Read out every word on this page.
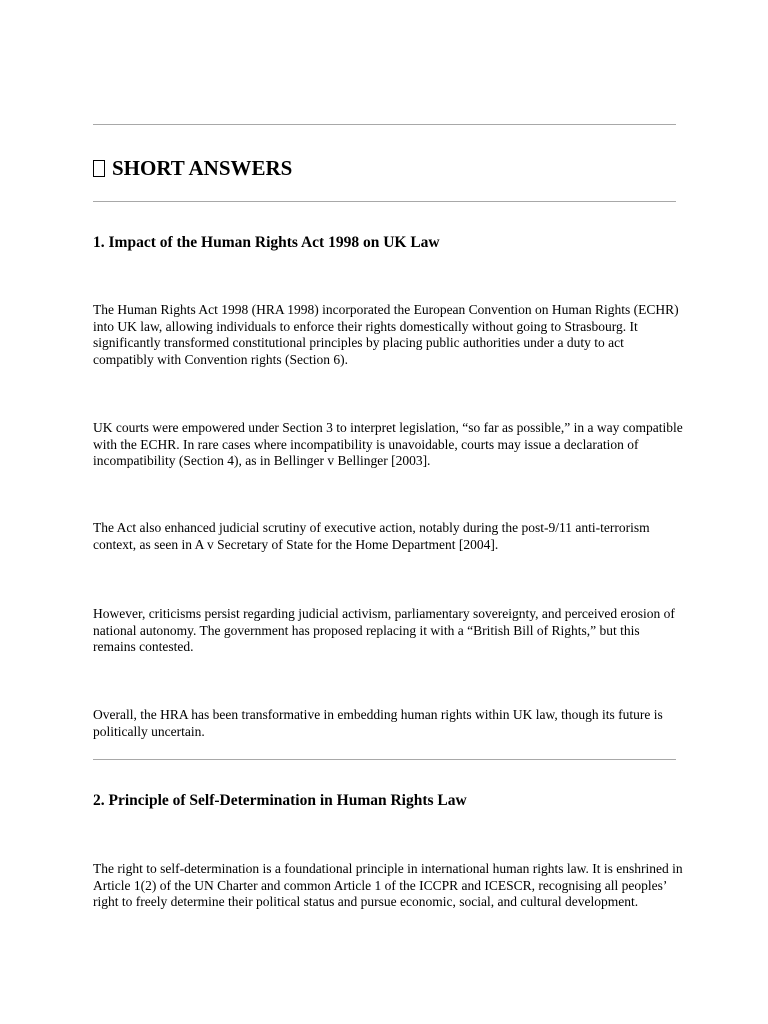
SHORT ANSWERS
1. Impact of the Human Rights Act 1998 on UK Law

The Human Rights Act 1998 (HRA 1998) incorporated the European Convention on Human Rights (ECHR) into UK law, allowing individuals to enforce their rights domestically without going to Strasbourg. It significantly transformed constitutional principles by placing public authorities under a duty to act compatibly with Convention rights (Section 6).

UK courts were empowered under Section 3 to interpret legislation, “so far as possible,” in a way compatible with the ECHR. In rare cases where incompatibility is unavoidable, courts may issue a declaration of incompatibility (Section 4), as in Bellinger v Bellinger [2003].

The Act also enhanced judicial scrutiny of executive action, notably during the post-9/11 anti-terrorism context, as seen in A v Secretary of State for the Home Department [2004].

However, criticisms persist regarding judicial activism, parliamentary sovereignty, and perceived erosion of national autonomy. The government has proposed replacing it with a “British Bill of Rights,” but this remains contested.

Overall, the HRA has been transformative in embedding human rights within UK law, though its future is politically uncertain.

2. Principle of Self-Determination in Human Rights Law

The right to self-determination is a foundational principle in international human rights law. It is enshrined in Article 1(2) of the UN Charter and common Article 1 of the ICCPR and ICESCR, recognising all peoples’ right to freely determine their political status and pursue economic, social, and cultural development.
